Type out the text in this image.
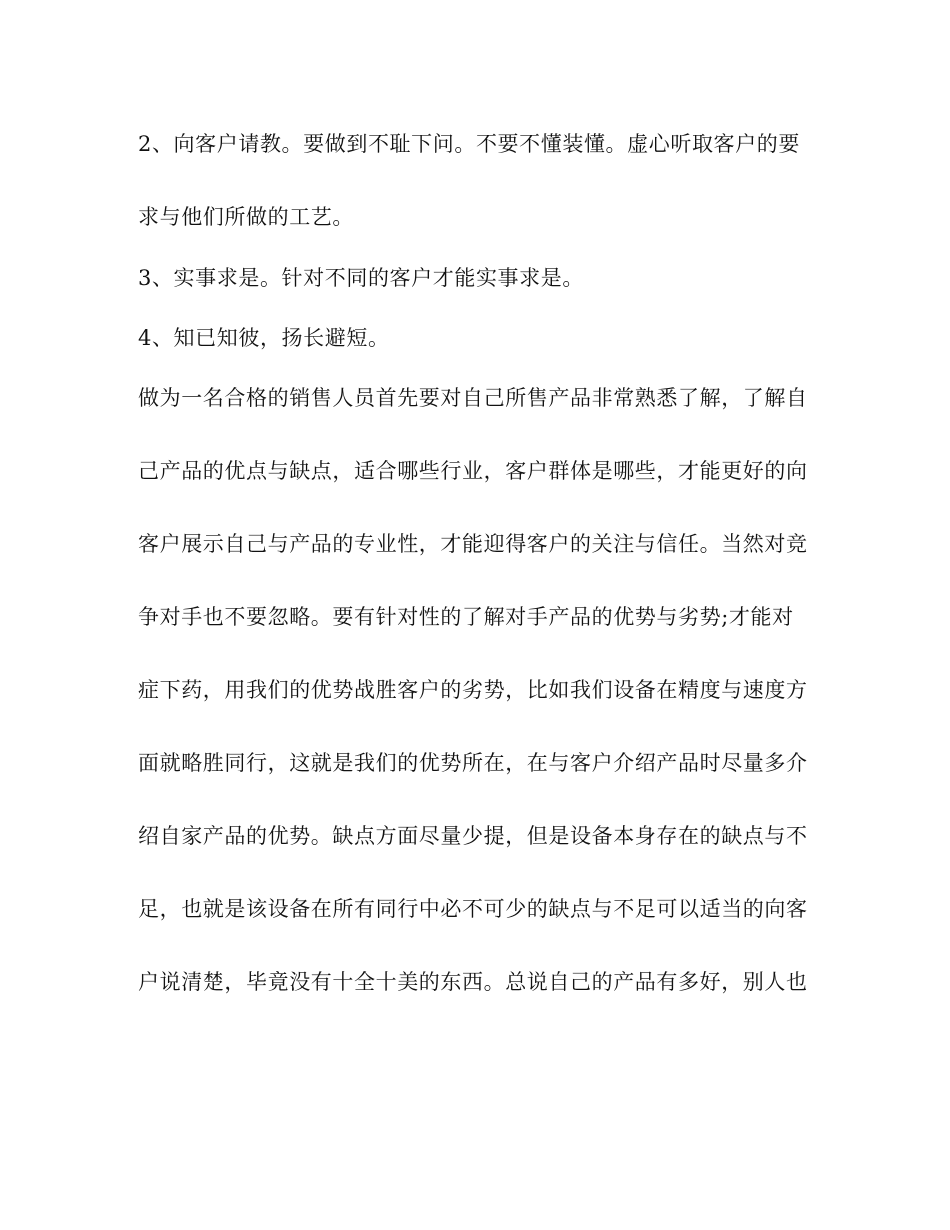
2、向客户请教。要做到不耻下问。不要不懂装懂。虚心听取客户的要
求与他们所做的工艺。
3、实事求是。针对不同的客户才能实事求是。
4、知已知彼，扬长避短。
做为一名合格的销售人员首先要对自己所售产品非常熟悉了解，了解自
己产品的优点与缺点，适合哪些行业，客户群体是哪些，才能更好的向
客户展示自己与产品的专业性，才能迎得客户的关注与信任。当然对竞
争对手也不要忽略。要有针对性的了解对手产品的优势与劣势;才能对
症下药，用我们的优势战胜客户的劣势，比如我们设备在精度与速度方
面就略胜同行，这就是我们的优势所在，在与客户介绍产品时尽量多介
绍自家产品的优势。缺点方面尽量少提，但是设备本身存在的缺点与不
足，也就是该设备在所有同行中必不可少的缺点与不足可以适当的向客
户说清楚，毕竟没有十全十美的东西。总说自己的产品有多好，别人也
